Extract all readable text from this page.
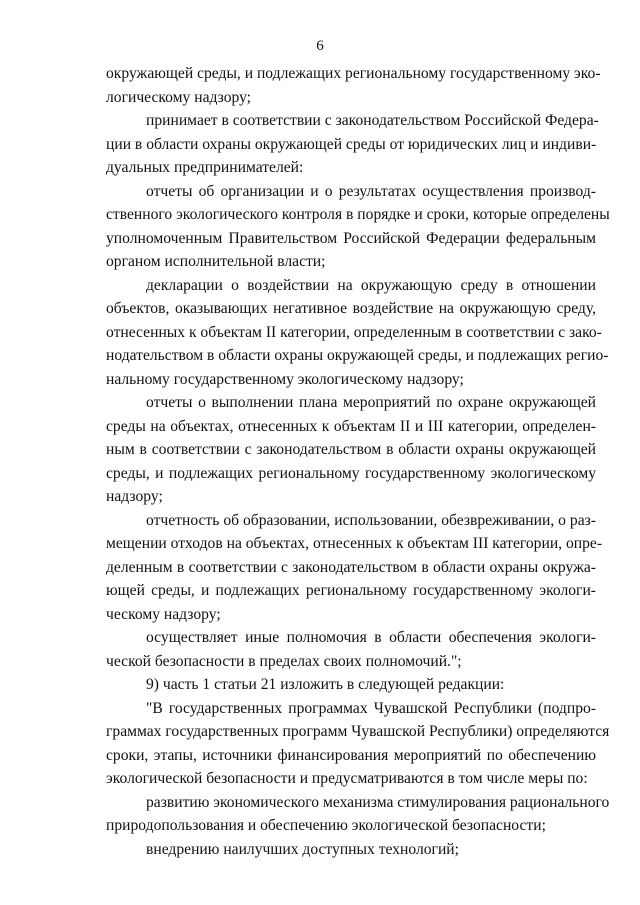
6
окружающей среды, и подлежащих региональному государственному эко-
логическому надзору;
принимает в соответствии с законодательством Российской Федера-
ции в области охраны окружающей среды от юридических лиц и индиви-
дуальных предпринимателей:
отчеты об организации и о результатах осуществления производ-
ственного экологического контроля в порядке и сроки, которые определены
уполномоченным Правительством Российской Федерации федеральным
органом исполнительной власти;
декларации о воздействии на окружающую среду в отношении
объектов, оказывающих негативное воздействие на окружающую среду,
отнесенных к объектам II категории, определенным в соответствии с зако-
нодательством в области охраны окружающей среды, и подлежащих регио-
нальному государственному экологическому надзору;
отчеты о выполнении плана мероприятий по охране окружающей
среды на объектах, отнесенных к объектам II и III категории, определен-
ным в соответствии с законодательством в области охраны окружающей
среды, и подлежащих региональному государственному экологическому
надзору;
отчетность об образовании, использовании, обезвреживании, о раз-
мещении отходов на объектах, отнесенных к объектам III категории, опре-
деленным в соответствии с законодательством в области охраны окружа-
ющей среды, и подлежащих региональному государственному экологи-
ческому надзору;
осуществляет иные полномочия в области обеспечения экологи-
ческой безопасности в пределах своих полномочий.";
9) часть 1 статьи 21 изложить в следующей редакции:
"В государственных программах Чувашской Республики (подпро-
граммах государственных программ Чувашской Республики) определяются
сроки, этапы, источники финансирования мероприятий по обеспечению
экологической безопасности и предусматриваются в том числе меры по:
развитию экономического механизма стимулирования рационального
природопользования и обеспечению экологической безопасности;
внедрению наилучших доступных технологий;
